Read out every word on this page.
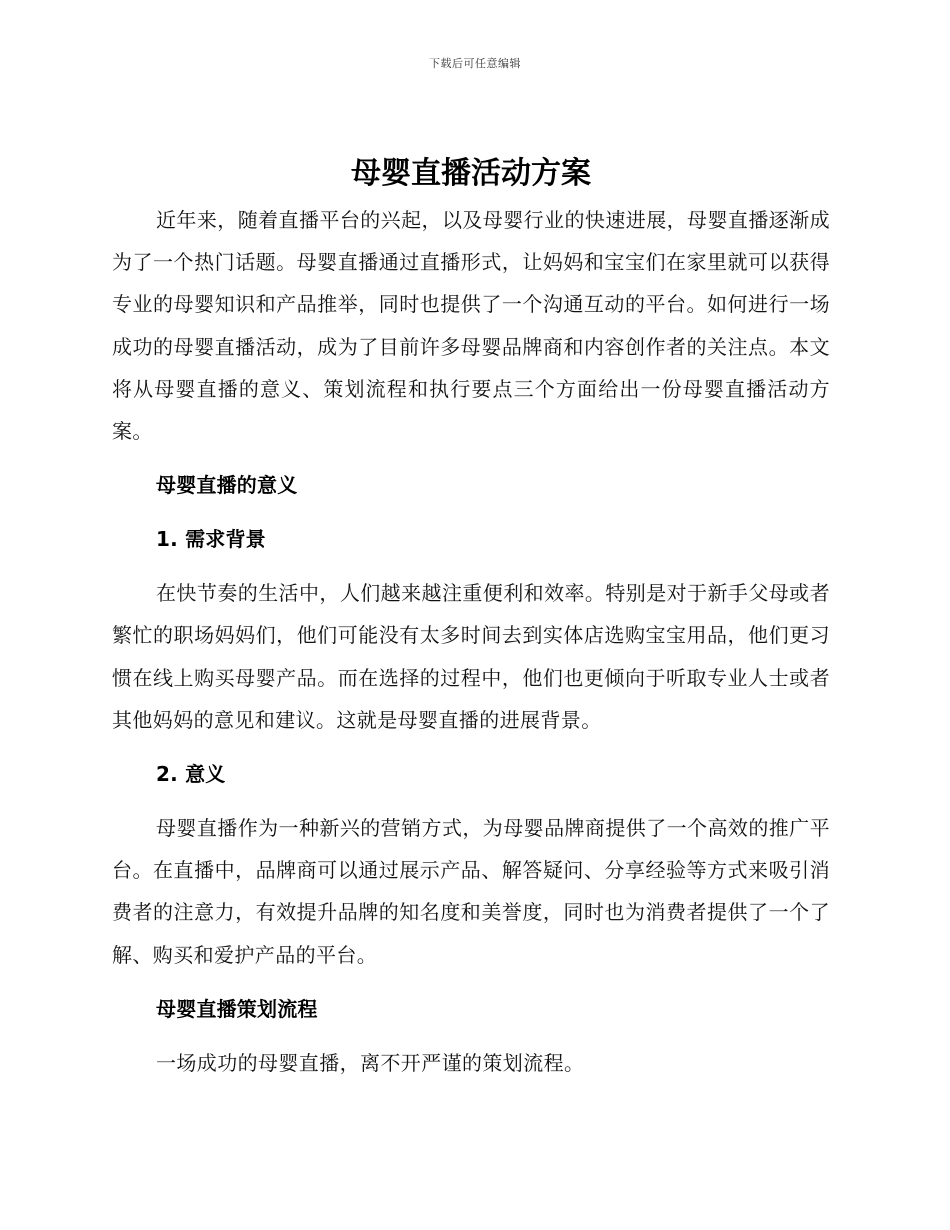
下载后可任意编辑
母婴直播活动方案

近年来，随着直播平台的兴起，以及母婴行业的快速进展，母婴直播逐渐成为了一个热门话题。母婴直播通过直播形式，让妈妈和宝宝们在家里就可以获得专业的母婴知识和产品推举，同时也提供了一个沟通互动的平台。如何进行一场成功的母婴直播活动，成为了目前许多母婴品牌商和内容创作者的关注点。本文将从母婴直播的意义、策划流程和执行要点三个方面给出一份母婴直播活动方案。

母婴直播的意义
1. 需求背景

在快节奏的生活中，人们越来越注重便利和效率。特别是对于新手父母或者繁忙的职场妈妈们，他们可能没有太多时间去到实体店选购宝宝用品，他们更习惯在线上购买母婴产品。而在选择的过程中，他们也更倾向于听取专业人士或者其他妈妈的意见和建议。这就是母婴直播的进展背景。

2. 意义

母婴直播作为一种新兴的营销方式，为母婴品牌商提供了一个高效的推广平台。在直播中，品牌商可以通过展示产品、解答疑问、分享经验等方式来吸引消费者的注意力，有效提升品牌的知名度和美誉度，同时也为消费者提供了一个了解、购买和爱护产品的平台。

母婴直播策划流程

一场成功的母婴直播，离不开严谨的策划流程。
